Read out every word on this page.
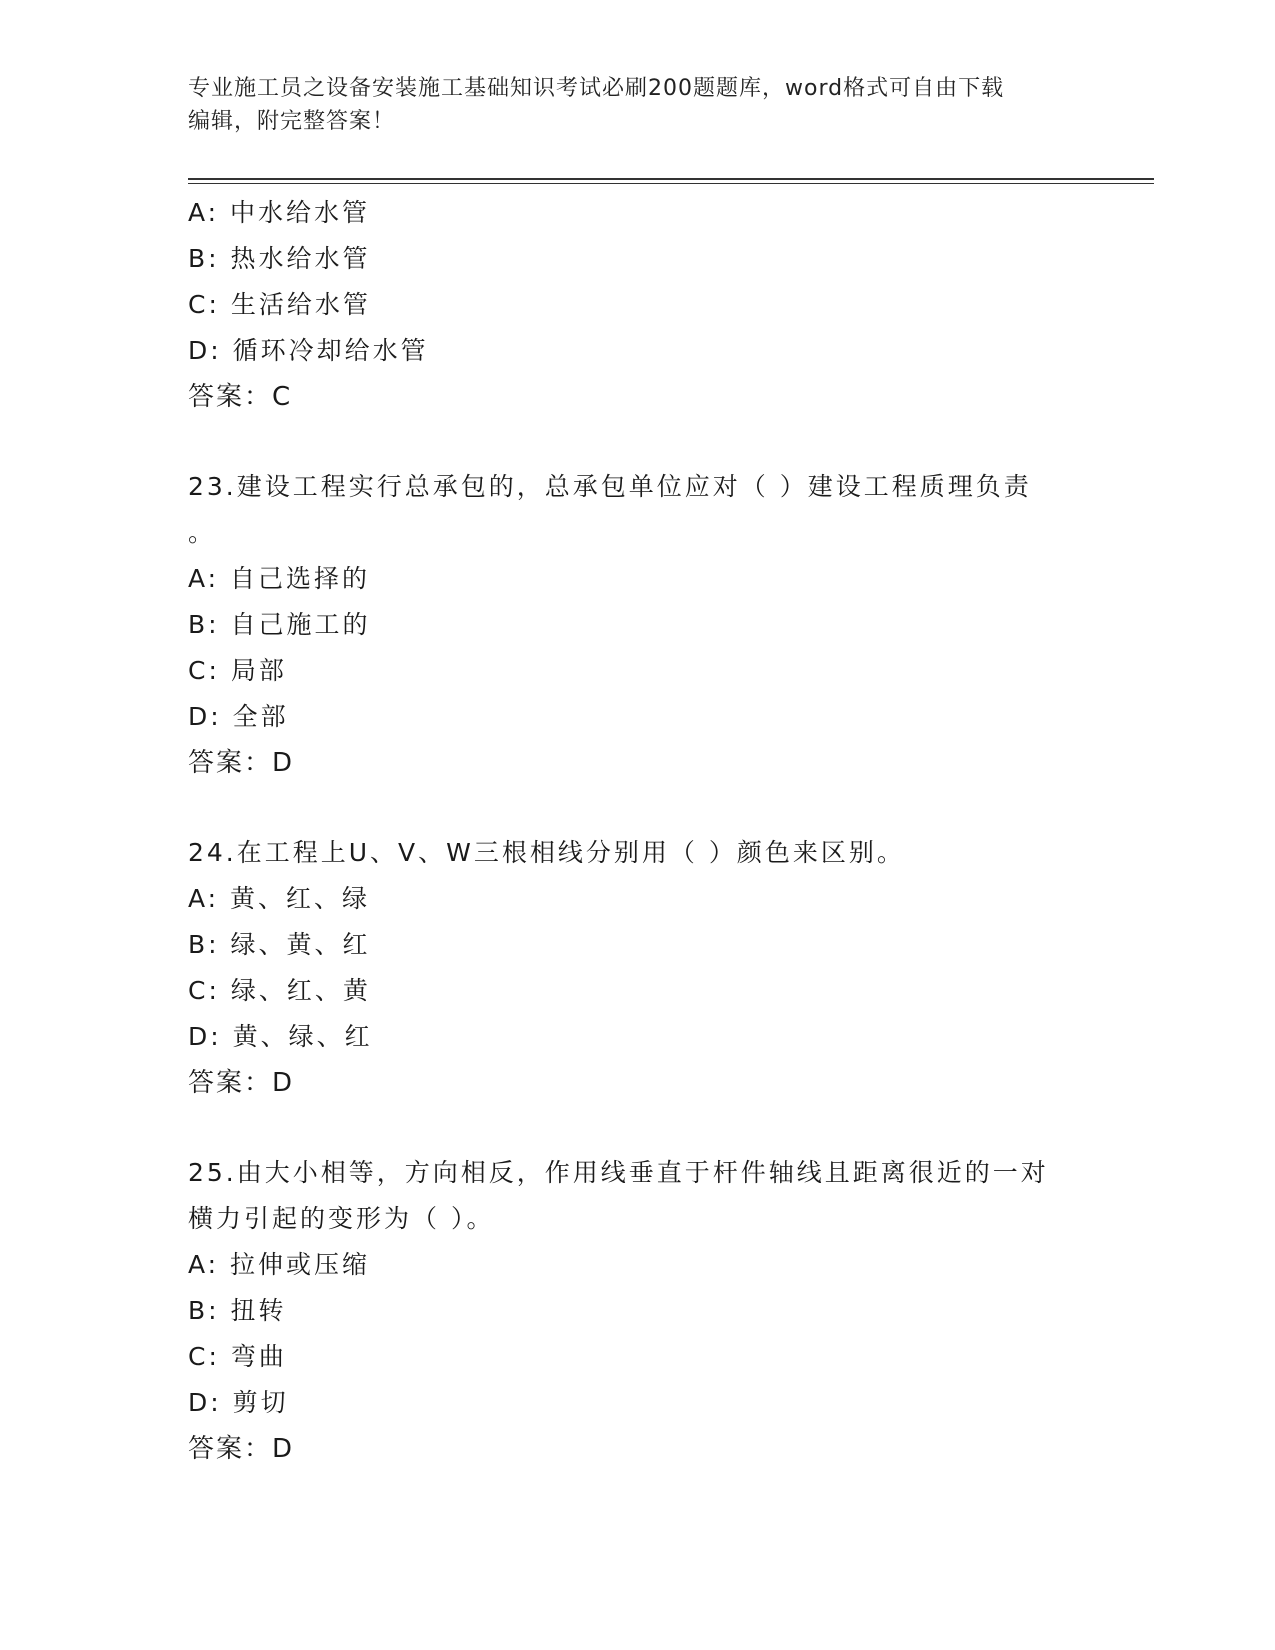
专业施工员之设备安装施工基础知识考试必刷200题题库，word格式可自由下载
编辑，附完整答案！
A: 中水给水管
B: 热水给水管
C: 生活给水管
D: 循环冷却给水管
答案：C
23.建设工程实行总承包的，总承包单位应对（ ）建设工程质理负责
。
A: 自己选择的
B: 自己施工的
C: 局部
D: 全部
答案：D
24.在工程上U、V、W三根相线分别用（ ）颜色来区别。
A: 黄、红、绿
B: 绿、黄、红
C: 绿、红、黄
D: 黄、绿、红
答案：D
25.由大小相等，方向相反，作用线垂直于杆件轴线且距离很近的一对
横力引起的变形为（ ）。
A: 拉伸或压缩
B: 扭转
C: 弯曲
D: 剪切
答案：D
